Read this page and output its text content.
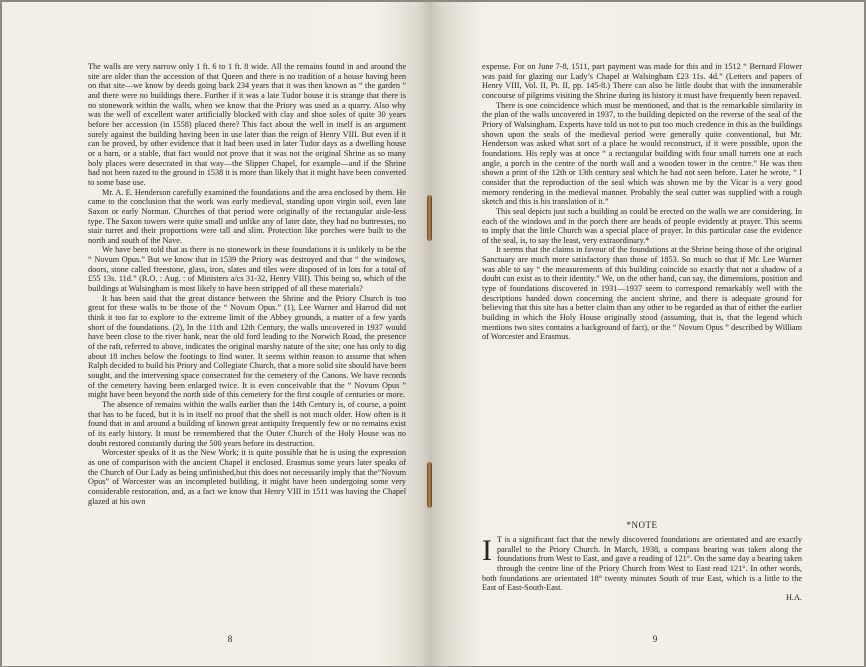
The walls are very narrow only 1 ft. 6 to 1 ft. 8 wide. All the remains found in and around the site are older than the accession of that Queen and there is no tradition of a house having been on that site—we know by deeds going back 234 years that it was then known as “ the garden ” and there were no buildings there. Further if it was a late Tudor house it is strange that there is no stonework within the walls, when we know that the Priory was used as a quarry. Also why was the well of excellent water artificially blocked with clay and shoe soles of quite 30 years before her accession (in 1558) placed there? This fact about the well in itself is an argument surely against the building having been in use later than the reign of Henry VIII. But even if it can be proved, by other evidence that it had been used in later Tudor days as a dwelling house or a barn, or a stable, that fact would not prove that it was not the original Shrine as so many holy places were desecrated in that way—the Slipper Chapel, for example—and if the Shrine had not been razed to the ground in 1538 it is more than likely that it might have been converted to some base use.

Mr. A. E. Henderson carefully examined the foundations and the area enclosed by them. He came to the conclusion that the work was early medieval, standing upon virgin soil, even late Saxon or early Norman. Churches of that period were originally of the rectangular aisle-less type. The Saxon towers were quite small and unlike any of later date, they had no buttresses, no stair turret and their proportions were tall and slim. Protection like porches were built to the north and south of the Nave.

We have been told that as there is no stonework in these foundations it is unlikely to be the “ Novum Opus.” But we know that in 1539 the Priory was destroyed and that “ the windows, doors, stone called freestone, glass, iron, slates and tiles were disposed of in lots for a total of £55 13s. 11d.” (R.O. : Aug. : of Ministers a/cs 31-32, Henry VIII). This being so, which of the buildings at Walsingham is most likely to have been stripped of all these materials?

It has been said that the great distance between the Shrine and the Priory Church is too great for these walls to be those of the “ Novum Opus.” (1), Lee Warner and Harrod did not think it too far to explore to the extreme limit of the Abbey grounds, a matter of a few yards short of the foundations. (2), In the 11th and 12th Century, the walls uncovered in 1937 would have been close to the river bank, near the old ford leading to the Norwich Road, the presence of the raft, referred to above, indicates the original marshy nature of the site; one has only to dig about 18 inches below the footings to find water. It seems within reason to assume that when Ralph decided to build his Priory and Collegiate Church, that a more solid site should have been sought, and the intervening space consecrated for the cemetery of the Canons. We have records of the cemetery having been enlarged twice. It is even conceivable that the “ Novum Opus ” might have been beyond the north side of this cemetery for the first couple of centuries or more.

The absence of remains within the walls earlier than the 14th Century is, of course, a point that has to be faced, but it is in itself no proof that the shell is not much older. How often is it found that in and around a building of known great antiquity frequently few or no remains exist of its early history. It must be remembered that the Outer Church of the Holy House was no doubt restored constantly during the 500 years before its destruction.

Worcester speaks of it as the New Work; it is quite possible that he is using the expression as one of comparison with the ancient Chapel it enclosed. Erasmus some years later speaks of the Church of Our Lady as being unfinished,but this does not necessarily imply that the“Novum Opus” of Worcester was an incompleted building, it might have been undergoing some very considerable restoration, and, as a fact we know that Henry VIII in 1511 was having the Chapel glazed at his own

8

expense. For on June 7-8, 1511, part payment was made for this and in 1512 “ Bernard Flower was paid for glazing our Lady’s Chapel at Walsingham £23 11s. 4d.” (Letters and papers of Henry VIII, Vol. II, Pt. II, pp. 145-8.) There can also be little doubt that with the innumerable concourse of pilgrims visiting the Shrine during its history it must have frequently been repaved.

There is one coincidence which must be mentioned, and that is the remarkable similarity in the plan of the walls uncovered in 1937, to the building depicted on the reverse of the seal of the Priory of Walsingham. Experts have told us not to put too much credence in this as the buildings shown upon the seals of the medieval period were generally quite conventional, but Mr. Henderson was asked what sort of a place he would reconstruct, if it were possible, upon the foundations. His reply was at once “ a rectangular building with four small turrets one at each angle, a porch in the centre of the north wall and a wooden tower in the centre.” He was then shown a print of the 12th or 13th century seal which he had not seen before. Later he wrote, “ I consider that the reproduction of the seal which was shown me by the Vicar is a very good memory rendering in the medieval manner. Probably the seal cutter was supplied with a rough sketch and this is his translation of it.”

This seal depicts just such a building as could be erected on the walls we are considering. In each of the windows and in the porch there are heads of people evidently at prayer. This seems to imply that the little Church was a special place of prayer. In this particular case the evidence of the seal, is, to say the least, very extraordinary.*

It seems that the claims in favour of the foundations at the Shrine being those of the original Sanctuary are much more satisfactory than those of 1853. So much so that if Mr. Lee Warner was able to say “ the measurements of this building coincide so exactly that not a shadow of a doubt can exist as to their identity.” We, on the other hand, can say, the dimensions, position and type of foundations discovered in 1931—1937 seem to correspond remarkably well with the descriptions handed down concerning the ancient shrine, and there is adequate ground for believing that this site has a better claim than any other to be regarded as that of either the earlier building in which the Holy House originally stood (assuming, that is, that the legend which mentions two sites contains a background of fact), or the “ Novum Opus ” described by William of Worcester and Erasmus.

*NOTE

I T is a significant fact that the newly discovered foundations are orientated and are exactly parallel to the Priory Church. In March, 1938, a compass bearing was taken along the foundations from West to East, and gave a reading of 121°. On the same day a bearing taken through the centre line of the Priory Church from West to East read 121°. In other words, both foundations are orientated 18° twenty minutes South of true East, which is a little to the East of East-South-East.
H.A.

9
